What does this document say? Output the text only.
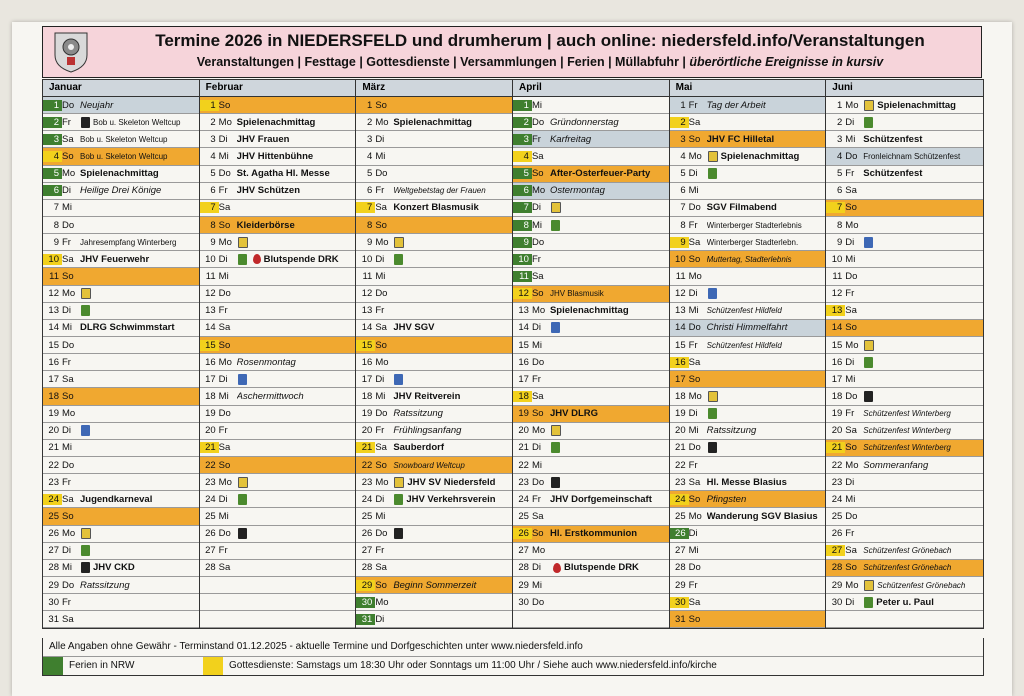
Termine 2026 in NIEDERSFELD und drumherum | auch online: niedersfeld.info/Veranstaltungen
Veranstaltungen | Festtage | Gottesdienste | Versammlungen | Ferien | Müllabfuhr | überörtliche Ereignisse in kursiv
Januar
1 Do Neujahr
2 Fr	Bob u. Skeleton Weltcup
3 Sa Bob u. Skeleton Weltcup
4 So Bob u. Skeleton Weltcup
5 Mo Spielenachmittag
6 Di Heilige Drei Könige
7 Mi
8 Do
9 Fr	Jahresempfang Winterberg
10 Sa JHV Feuerwehr
11 So
12 Mo
13 Di
14 Mi DLRG Schwimmstart
15 Do
16 Fr
17 Sa
18 So
19 Mo
20 Di
21 Mi
22 Do
23 Fr
24 Sa Jugendkarneval
25 So
26 Mo
27 Di
28 Mi	JHV CKD
29 Do Ratssitzung
30 Fr
31 Sa
Februar
1 So
2 Mo Spielenachmittag
3 Di JHV Frauen
4 Mi JHV Hittenbühne
5 Do St. Agatha Hl. Messe
6 Fr JHV Schützen
7 Sa
8 So Kleiderbörse
9 Mo
10 Di	Blutspende DRK
11 Mi
12 Do
13 Fr
14 Sa
15 So
16 Mo Rosenmontag
17 Di
18 Mi Aschermittwoch
19 Do
20 Fr
21 Sa
22 So
23 Mo
24 Di
25 Mi
26 Do
27 Fr
28 Sa
März
1 So
2 Mo Spielenachmittag
3 Di
4 Mi
5 Do
6 Fr	Weltgebetstag der Frauen
7 Sa Konzert Blasmusik
8 So
9 Mo
10 Di
11 Mi
12 Do
13 Fr
14 Sa JHV SGV
15 So
16 Mo
17 Di
18 Mi JHV Reitverein
19 Do Ratssitzung
20 Fr Frühlingsanfang
21 Sa Sauberdorf
22 So Snowboard Weltcup
23 Mo	JHV SV Niedersfeld
24 Di	JHV Verkehrsverein
25 Mi
26 Do
27 Fr
28 Sa
29 So Beginn Sommerzeit
30 Mo
31 Di
April
1 Mi
2 Do Gründonnerstag
3 Fr Karfreitag
4 Sa
5 So After-Osterfeuer-Party
6 Mo Ostermontag
7 Di
8 Mi
9 Do
10 Fr
11 Sa
12 So JHV Blasmusik
13 Mo Spielenachmittag
14 Di
15 Mi
16 Do
17 Fr
18 Sa
19 So JHV DLRG
20 Mo
21 Di
22 Mi
23 Do
24 Fr JHV Dorfgemeinschaft
25 Sa
26 So Hl. Erstkommunion
27 Mo
28 Di	Blutspende DRK
29 Mi
30 Do
Mai
1 Fr Tag der Arbeit
2 Sa
3 So JHV FC Hilletal
4 Mo	Spielenachmittag
5 Di
6 Mi
7 Do SGV Filmabend
8 Fr	Winterberger Stadterlebnis
9 Sa Winterberger Stadterlebn.
10 So Muttertag, Stadterlebnis
11 Mo
12 Di
13 Mi Schützenfest Hildfeld
14 Do Christi Himmelfahrt
15 Fr	Schützenfest Hildfeld
16 Sa
17 So
18 Mo
19 Di
20 Mi Ratssitzung
21 Do
22 Fr
23 Sa Hl. Messe Blasius
24 So Pfingsten
25 Mo Wanderung SGV Blasius
26 Di
27 Mi
28 Do
29 Fr
30 Sa
31 So
Juni
1 Mo	Spielenachmittag
2 Di
3 Mi Schützenfest
4 Do Fronleichnam Schützenfest
5 Fr Schützenfest
6 Sa
7 So
8 Mo
9 Di
10 Mi
11 Do
12 Fr
13 Sa
14 So
15 Mo
16 Di
17 Mi
18 Do
19 Fr	Schützenfest Winterberg
20 Sa Schützenfest Winterberg
21 So Schützenfest Winterberg
22 Mo Sommeranfang
23 Di
24 Mi
25 Do
26 Fr
27 Sa Schützenfest Grönebach
28 So Schützenfest Grönebach
29 Mo	Schützenfest Grönebach
30 Di	Peter u. Paul
Alle Angaben ohne Gewähr - Terminstand 01.12.2025 - aktuelle Termine und Dorfgeschichten unter www.niedersfeld.info
Ferien in NRW	Gottesdienste: Samstags um 18:30 Uhr oder Sonntags um 11:00 Uhr / Siehe auch www.niedersfeld.info/kirche
